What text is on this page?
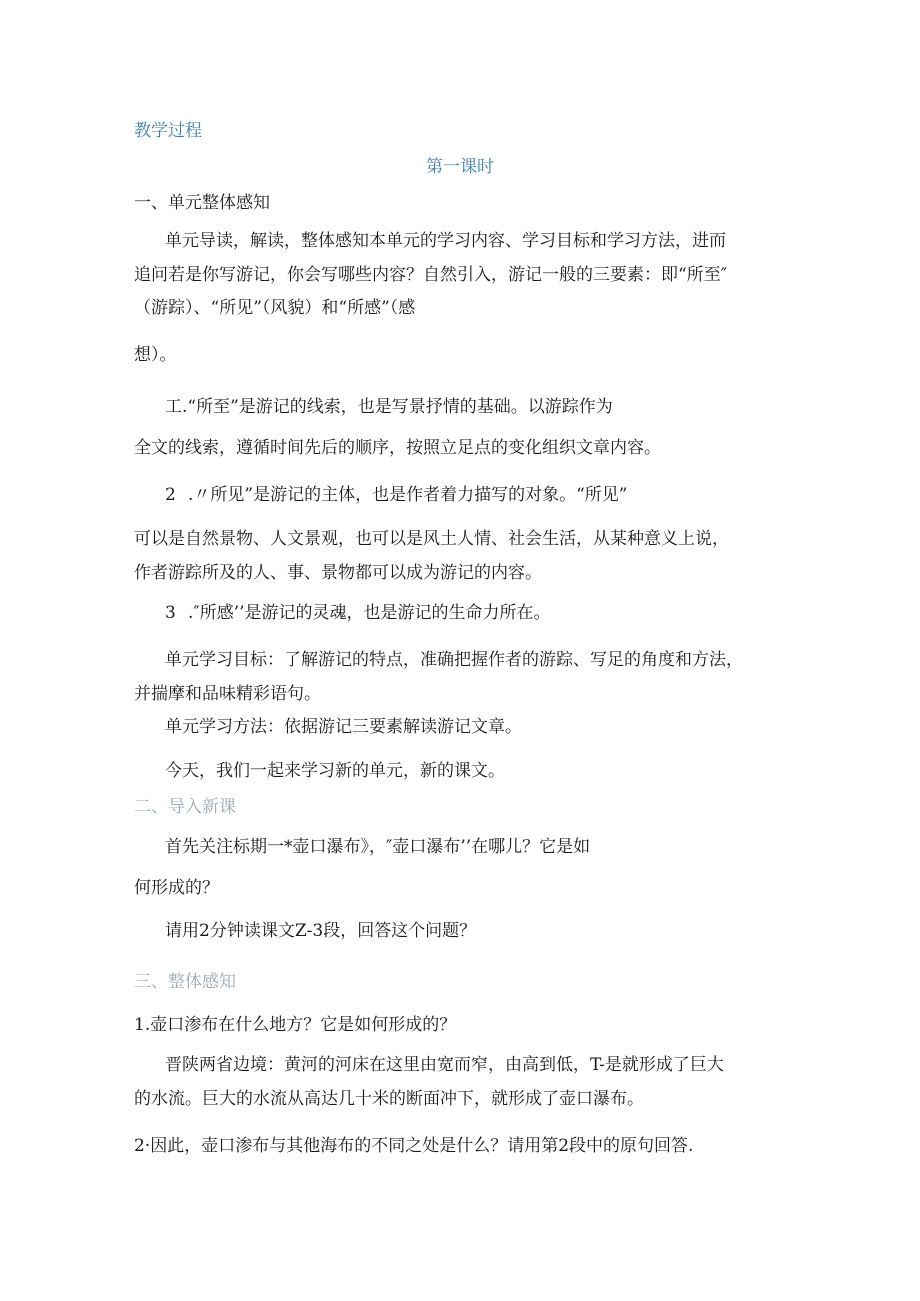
教学过程
第一课时
一、单元整体感知
单元导读，解读，整体感知本单元的学习内容、学习目标和学习方法，进而
追问若是你写游记，你会写哪些内容？自然引入，游记一般的三要素：即“所至″
（游踪）、“所见”（风貌）和“所感”（感
想）。
工.“所至”是游记的线索，也是写景抒情的基础。以游踪作为
全文的线索，遵循时间先后的顺序，按照立足点的变化组织文章内容。
2 .〃所见”是游记的主体，也是作者着力描写的对象。“所见”
可以是自然景物、人文景观，也可以是风土人情、社会生活，从某种意义上说，
作者游踪所及的人、事、景物都可以成为游记的内容。
3 .″所感’’是游记的灵魂，也是游记的生命力所在。
单元学习目标：了解游记的特点，准确把握作者的游踪、写足的角度和方法，
并揣摩和品味精彩语句。
单元学习方法：依据游记三要素解读游记文章。
今天，我们一起来学习新的单元，新的课文。
二、导入新课
首先关注标期一*壶口瀑布》，″壶口瀑布’’在哪儿？它是如
何形成的？
请用2分钟读课文Z-3段，回答这个问题？
三、整体感知
1.壶口渗布在什么地方？它是如何形成的？
晋陕两省边境：黄河的河床在这里由宽而窄，由高到低，T-是就形成了巨大
的水流。巨大的水流从高达几十米的断面冲下，就形成了壶口瀑布。
2·因此，壶口渗布与其他海布的不同之处是什么？请用第2段中的原句回答.
